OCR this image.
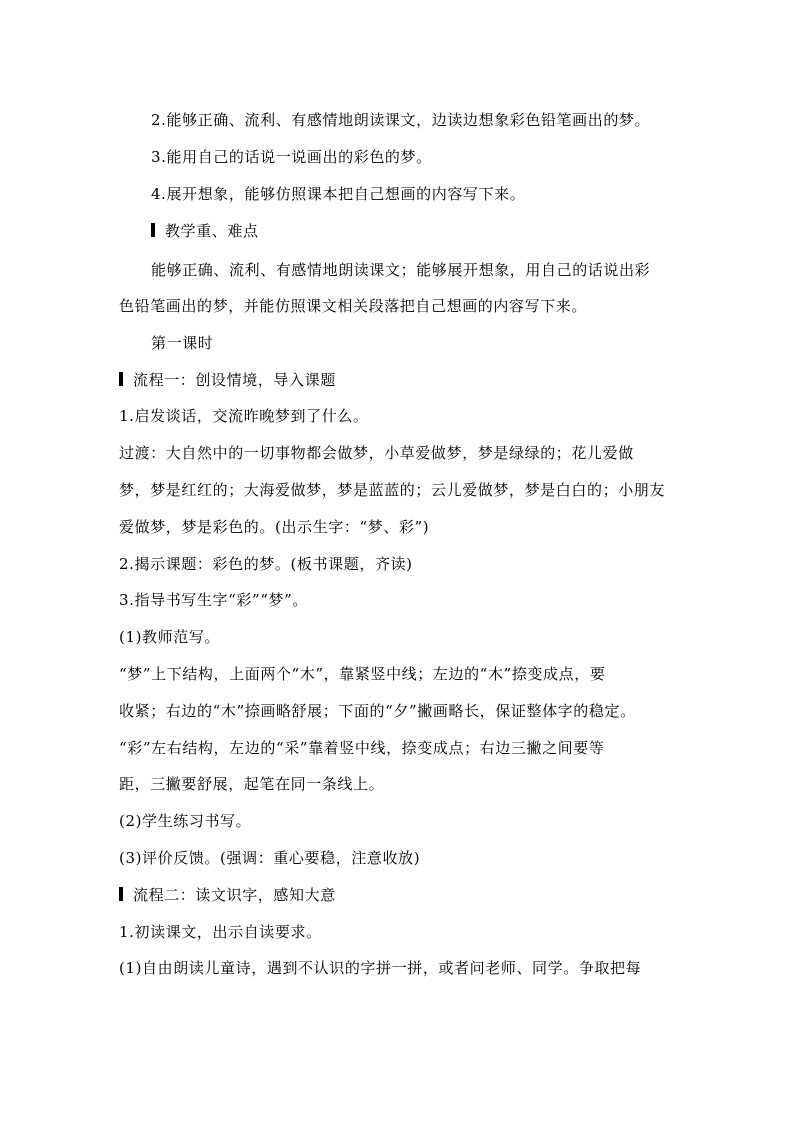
2.能够正确、流利、有感情地朗读课文，边读边想象彩色铅笔画出的梦。
3.能用自己的话说一说画出的彩色的梦。
4.展开想象，能够仿照课本把自己想画的内容写下来。
教学重、难点
能够正确、流利、有感情地朗读课文；能够展开想象，用自己的话说出彩
色铅笔画出的梦，并能仿照课文相关段落把自己想画的内容写下来。
第一课时
流程一：创设情境，导入课题
1.启发谈话，交流昨晚梦到了什么。
过渡：大自然中的一切事物都会做梦，小草爱做梦，梦是绿绿的；花儿爱做
梦，梦是红红的；大海爱做梦，梦是蓝蓝的；云儿爱做梦，梦是白白的；小朋友
爱做梦，梦是彩色的。(出示生字：“梦、彩”)
2.揭示课题：彩色的梦。(板书课题，齐读)
3.指导书写生字“彩”“梦”。
(1)教师范写。
“梦”上下结构，上面两个“木”，靠紧竖中线；左边的“木”捺变成点，要
收紧；右边的“木”捺画略舒展；下面的“夕”撇画略长，保证整体字的稳定。
“彩”左右结构，左边的“采”靠着竖中线，捺变成点；右边三撇之间要等
距，三撇要舒展，起笔在同一条线上。
(2)学生练习书写。
(3)评价反馈。(强调：重心要稳，注意收放)
流程二：读文识字，感知大意
1.初读课文，出示自读要求。
(1)自由朗读儿童诗，遇到不认识的字拼一拼，或者问老师、同学。争取把每
